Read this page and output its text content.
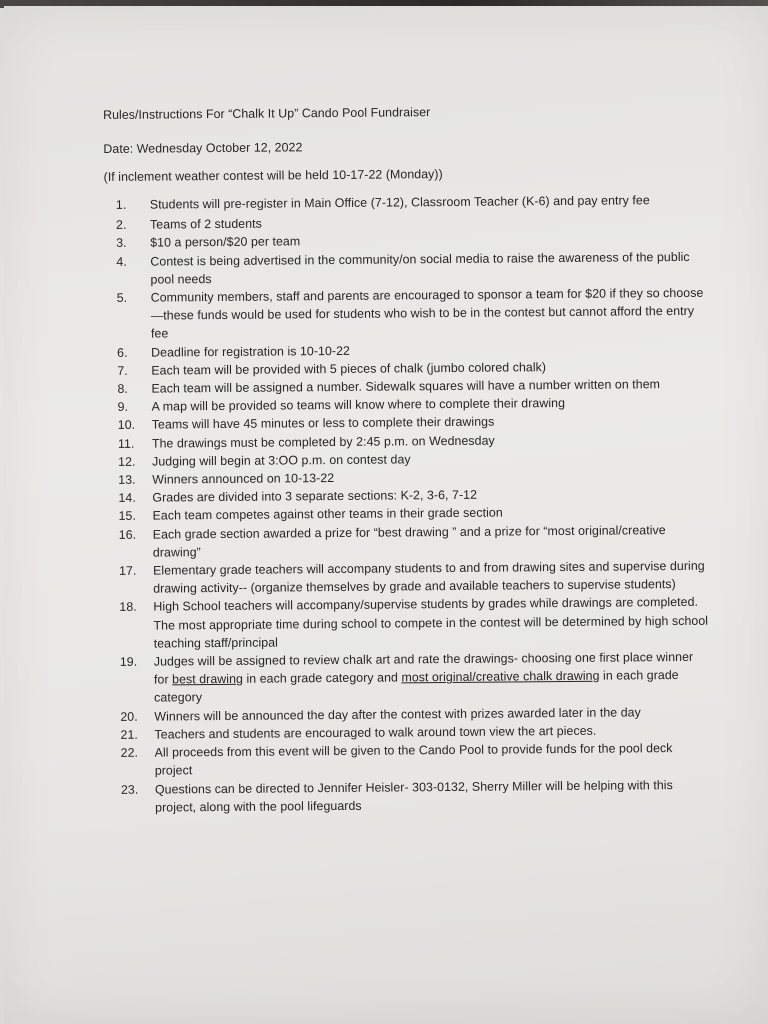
Rules/Instructions For “Chalk It Up” Cando Pool Fundraiser
Date: Wednesday October 12, 2022
(If inclement weather contest will be held 10-17-22 (Monday))
1.	Students will pre-register in Main Office (7-12), Classroom Teacher (K-6) and pay entry fee
2.	Teams of 2 students
3.	$10 a person/$20 per team
4.	Contest is being advertised in the community/on social media to raise the awareness of the public pool needs
5.	Community members, staff and parents are encouraged to sponsor a team for $20 if they so choose—these funds would be used for students who wish to be in the contest but cannot afford the entry fee
6.	Deadline for registration is 10-10-22
7.	Each team will be provided with 5 pieces of chalk (jumbo colored chalk)
8.	Each team will be assigned a number. Sidewalk squares will have a number written on them
9.	A map will be provided so teams will know where to complete their drawing
10.	Teams will have 45 minutes or less to complete their drawings
11.	The drawings must be completed by 2:45 p.m. on Wednesday
12.	Judging will begin at 3:OO p.m. on contest day
13.	Winners announced on 10-13-22
14.	Grades are divided into 3 separate sections: K-2, 3-6, 7-12
15.	Each team competes against other teams in their grade section
16.	Each grade section awarded a prize for “best drawing ” and a prize for “most original/creative drawing”
17.	Elementary grade teachers will accompany students to and from drawing sites and supervise during drawing activity-- (organize themselves by grade and available teachers to supervise students)
18.	High School teachers will accompany/supervise students by grades while drawings are completed. The most appropriate time during school to compete in the contest will be determined by high school teaching staff/principal
19.	Judges will be assigned to review chalk art and rate the drawings- choosing one first place winner for best drawing in each grade category and most original/creative chalk drawing in each grade category
20.	Winners will be announced the day after the contest with prizes awarded later in the day
21.	Teachers and students are encouraged to walk around town view the art pieces.
22.	All proceeds from this event will be given to the Cando Pool to provide funds for the pool deck project
23.	Questions can be directed to Jennifer Heisler- 303-0132, Sherry Miller will be helping with this project, along with the pool lifeguards
